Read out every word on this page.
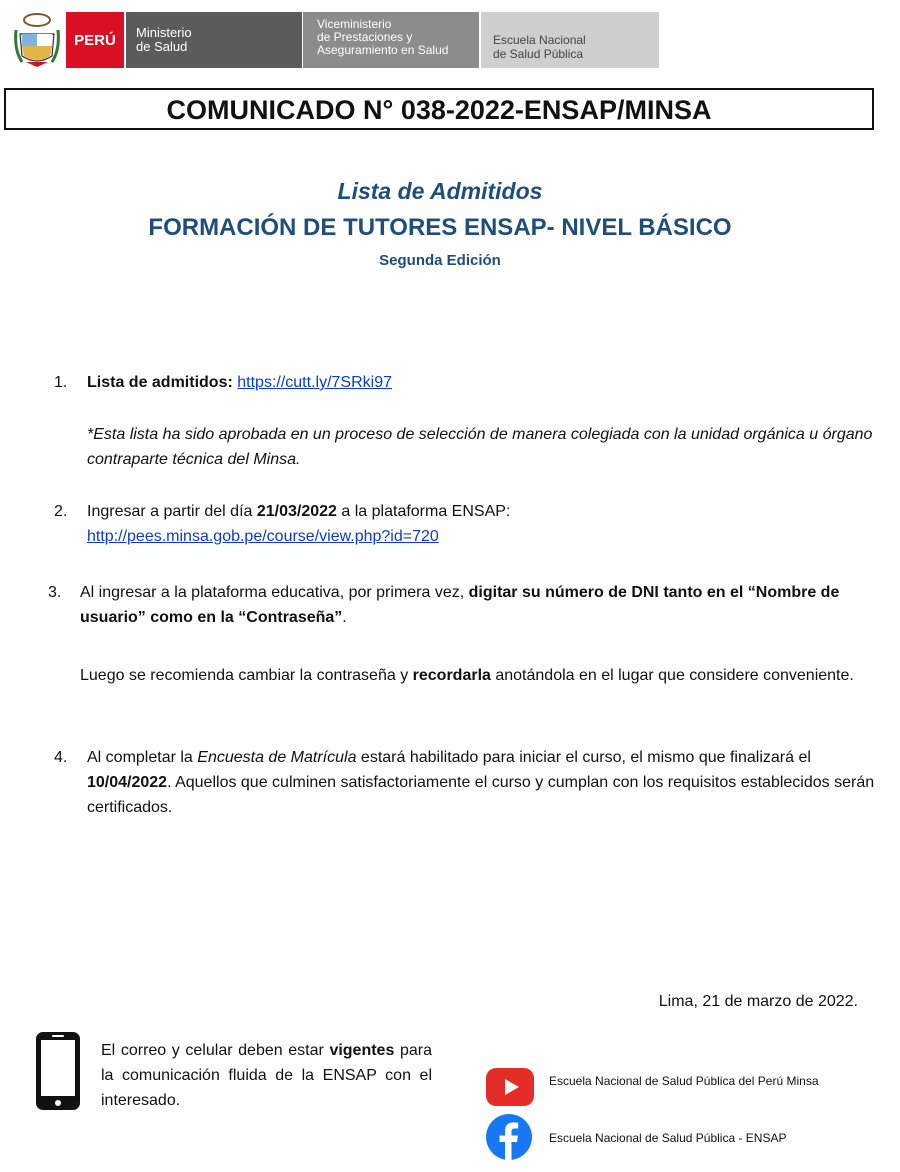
PERÚ Ministerio
de Salud
Viceministerio
de Prestaciones y
Aseguramiento en Salud
Escuela Nacional
de Salud Pública
COMUNICADO N° 038-2022-ENSAP/MINSA
Lista de Admitidos
FORMACIÓN DE TUTORES ENSAP- NIVEL BÁSICO
Segunda Edición
1. Lista de admitidos: https://cutt.ly/7SRki97
*Esta lista ha sido aprobada en un proceso de selección de manera colegiada con la unidad orgánica u órgano contraparte técnica del Minsa.
2. Ingresar a partir del día 21/03/2022 a la plataforma ENSAP:
http://pees.minsa.gob.pe/course/view.php?id=720
3. Al ingresar a la plataforma educativa, por primera vez, digitar su número de DNI tanto en el “Nombre de usuario” como en la “Contraseña”.
Luego se recomienda cambiar la contraseña y recordarla anotándola en el lugar que considere conveniente.
4. Al completar la Encuesta de Matrícula estará habilitado para iniciar el curso, el mismo que finalizará el 10/04/2022. Aquellos que culminen satisfactoriamente el curso y cumplan con los requisitos establecidos serán certificados.
Lima, 21 de marzo de 2022.
El correo y celular deben estar vigentes para la comunicación fluida de la ENSAP con el interesado.
Escuela Nacional de Salud Pública del Perú Minsa
Escuela Nacional de Salud Pública - ENSAP
